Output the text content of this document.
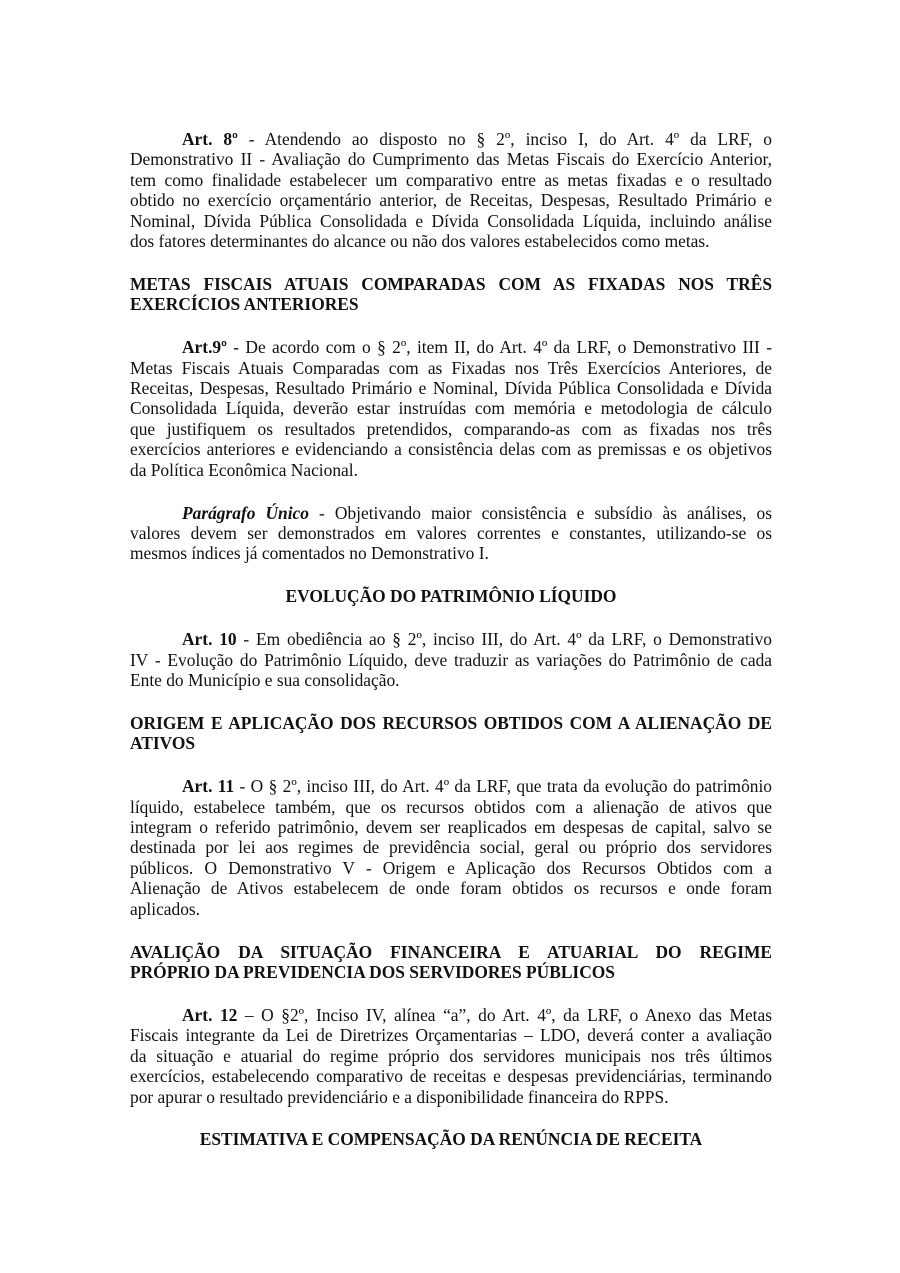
Art. 8º - Atendendo ao disposto no § 2º, inciso I, do Art. 4º da LRF, o
Demonstrativo II - Avaliação do Cumprimento das Metas Fiscais do Exercício Anterior,
tem como finalidade estabelecer um comparativo entre as metas fixadas e o resultado
obtido no exercício orçamentário anterior, de Receitas, Despesas, Resultado Primário e
Nominal, Dívida Pública Consolidada e Dívida Consolidada Líquida, incluindo análise
dos fatores determinantes do alcance ou não dos valores estabelecidos como metas.
METAS FISCAIS ATUAIS COMPARADAS COM AS FIXADAS NOS TRÊS
EXERCÍCIOS ANTERIORES
Art.9º - De acordo com o § 2º, item II, do Art. 4º da LRF, o Demonstrativo III -
Metas Fiscais Atuais Comparadas com as Fixadas nos Três Exercícios Anteriores, de
Receitas, Despesas, Resultado Primário e Nominal, Dívida Pública Consolidada e Dívida
Consolidada Líquida, deverão estar instruídas com memória e metodologia de cálculo
que justifiquem os resultados pretendidos, comparando-as com as fixadas nos três
exercícios anteriores e evidenciando a consistência delas com as premissas e os objetivos
da Política Econômica Nacional.
Parágrafo Único - Objetivando maior consistência e subsídio às análises, os
valores devem ser demonstrados em valores correntes e constantes, utilizando-se os
mesmos índices já comentados no Demonstrativo I.
EVOLUÇÃO DO PATRIMÔNIO LÍQUIDO
Art. 10 - Em obediência ao § 2º, inciso III, do Art. 4º da LRF, o Demonstrativo
IV - Evolução do Patrimônio Líquido, deve traduzir as variações do Patrimônio de cada
Ente do Município e sua consolidação.
ORIGEM E APLICAÇÃO DOS RECURSOS OBTIDOS COM A ALIENAÇÃO DE
ATIVOS
Art. 11 - O § 2º, inciso III, do Art. 4º da LRF, que trata da evolução do patrimônio
líquido, estabelece também, que os recursos obtidos com a alienação de ativos que
integram o referido patrimônio, devem ser reaplicados em despesas de capital, salvo se
destinada por lei aos regimes de previdência social, geral ou próprio dos servidores
públicos. O Demonstrativo V - Origem e Aplicação dos Recursos Obtidos com a
Alienação de Ativos estabelecem de onde foram obtidos os recursos e onde foram
aplicados.
AVALIÇÃO DA SITUAÇÃO FINANCEIRA E ATUARIAL DO REGIME
PRÓPRIO DA PREVIDENCIA DOS SERVIDORES PÚBLICOS
Art. 12 – O §2º, Inciso IV, alínea “a”, do Art. 4º, da LRF, o Anexo das Metas
Fiscais integrante da Lei de Diretrizes Orçamentarias – LDO, deverá conter a avaliação
da situação e atuarial do regime próprio dos servidores municipais nos três últimos
exercícios, estabelecendo comparativo de receitas e despesas previdenciárias, terminando
por apurar o resultado previdenciário e a disponibilidade financeira do RPPS.
ESTIMATIVA E COMPENSAÇÃO DA RENÚNCIA DE RECEITA
